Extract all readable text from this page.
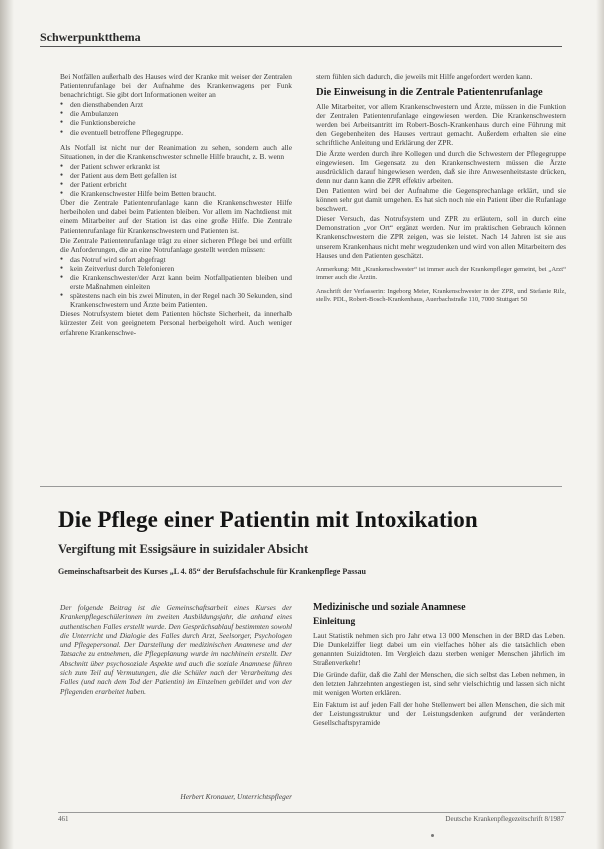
Schwerpunktthema

Bei Notfällen außerhalb des Hauses wird der Kranke mit weiser der Zentralen Patientenrufanlage bei der Aufnahme des Krankenwagens per Funk benachrichtigt. Sie gibt dort Informationen weiter an

● den diensthabenden Arzt
● die Ambulanzen
● die Funktionsbereiche
● die eventuell betroffene Pflegegruppe.

Als Notfall ist nicht nur der Reanimation zu sehen, sondern auch alle Situationen, in der die Krankenschwester schnelle Hilfe braucht, z. B. wenn

● der Patient schwer erkrankt ist
● der Patient aus dem Bett gefallen ist
● der Patient erbricht
● die Krankenschwester Hilfe beim Betten braucht.

Über die Zentrale Patientenrufanlage kann die Krankenschwester Hilfe herbeiholen und dabei beim Patienten bleiben. Vor allem im Nachtdienst mit einem Mitarbeiter auf der Station ist das eine große Hilfe. Die Zentrale Patientenrufanlage für Krankenschwestern und Patienten ist.

Die Zentrale Patientenrufanlage trägt zu einer sicheren Pflege bei und erfüllt die Anforderungen, die an eine Notrufanlage gestellt werden müssen:

● das Notruf wird sofort abgefragt
● kein Zeitverlust durch Telefonieren
● die Krankenschwester/der Arzt kann beim Notfallpatienten bleiben und erste Maßnahmen einleiten
● spätestens nach ein bis zwei Minuten, in der Regel nach 30 Sekunden, sind Krankenschwestern und Ärzte beim Patienten.

Dieses Notrufsystem bietet dem Patienten höchste Sicherheit, da innerhalb kürzester Zeit von geeignetem Personal herbeigeholt wird. Auch weniger erfahrene Krankenschwe-

stern fühlen sich dadurch, die jeweils mit Hilfe angefordert werden kann.

Die Einweisung in die Zentrale Patientenrufanlage

Alle Mitarbeiter, vor allem Krankenschwestern und Ärzte, müssen in die Funktion der Zentralen Patientenrufanlage eingewiesen werden. Die Krankenschwestern werden bei Arbeitsantritt im Robert-Bosch-Krankenhaus durch eine Führung mit den Gegebenheiten des Hauses vertraut gemacht. Außerdem erhalten sie eine schriftliche Anleitung und Erklärung der ZPR.

Die Ärzte werden durch ihre Kollegen und durch die Schwestern der Pflegegruppe eingewiesen. Im Gegensatz zu den Krankenschwestern müssen die Ärzte ausdrücklich darauf hingewiesen werden, daß sie ihre Anwesenheitstaste drücken, denn nur dann kann die ZPR effektiv arbeiten.

Den Patienten wird bei der Aufnahme die Gegensprechanlage erklärt, und sie können sehr gut damit umgehen. Es hat sich noch nie ein Patient über die Rufanlage beschwert.

Dieser Versuch, das Notrufsystem und ZPR zu erläutern, soll in durch eine Demonstration „vor Ort“ ergänzt werden. Nur im praktischen Gebrauch können Krankenschwestern die ZPR zeigen, was sie leistet. Nach 14 Jahren ist sie aus unserem Krankenhaus nicht mehr wegzudenken und wird von allen Mitarbeitern des Hauses und den Patienten geschätzt.

Anmerkung: Mit „Krankenschwester“ ist immer auch der Krankenpfleger gemeint, bei „Arzt“ immer auch die Ärztin.
Anschrift der Verfasserin: Ingeborg Meier, Krankenschwester in der ZPR, und Stefanie Rilz, stellv. PDL, Robert-Bosch-Krankenhaus, Auerbachstraße 110, 7000 Stuttgart 50
Die Pflege einer Patientin mit Intoxikation
Vergiftung mit Essigsäure in suizidaler Absicht
Gemeinschaftsarbeit des Kurses „L 4. 85“ der Berufsfachschule für Krankenpflege Passau
Der folgende Beitrag ist die Gemeinschaftsarbeit eines Kurses der Krankenpflegeschülerinnen im zweiten Ausbildungsjahr, die anhand eines authentischen Falles erstellt wurde. Den Gesprächsablauf bestimmten sowohl die Unterricht und Dialogie des Falles durch Arzt, Seelsorger, Psychologen und Pflegepersonal. Der Darstellung der medizinischen Anamnese und der Tatsache zu entnehmen, die Pflegeplanung wurde im nachhinein erstellt. Der Abschnitt über psychosoziale Aspekte und auch die soziale Anamnese führen sich zum Teil auf Vermutungen, die die Schüler nach der Verarbeitung des Falles (und nach dem Tod der Patientin) im Einzelnen gebildet und von der Pflegenden erarbeitet haben.
Herbert Kronauer, Unterrichtspfleger
Medizinische und soziale Anamnese
Einleitung

Laut Statistik nehmen sich pro Jahr etwa 13 000 Menschen in der BRD das Leben. Die Dunkelziffer liegt dabei um ein vielfaches höher als die tatsächlich eben genannten Suizidtoten. Im Vergleich dazu sterben weniger Menschen jährlich im Straßenverkehr!

Die Gründe dafür, daß die Zahl der Menschen, die sich selbst das Leben nehmen, in den letzten Jahrzehnten angestiegen ist, sind sehr vielschichtig und lassen sich nicht mit wenigen Worten erklären.

Ein Faktum ist auf jeden Fall der hohe Stellenwert bei allen Menschen, die sich mit der Leistungsstruktur und der Leistungsdenken aufgrund der veränderten Gesellschaftspyramide

461	Deutsche Krankenpflegezeitschrift 8/1987
